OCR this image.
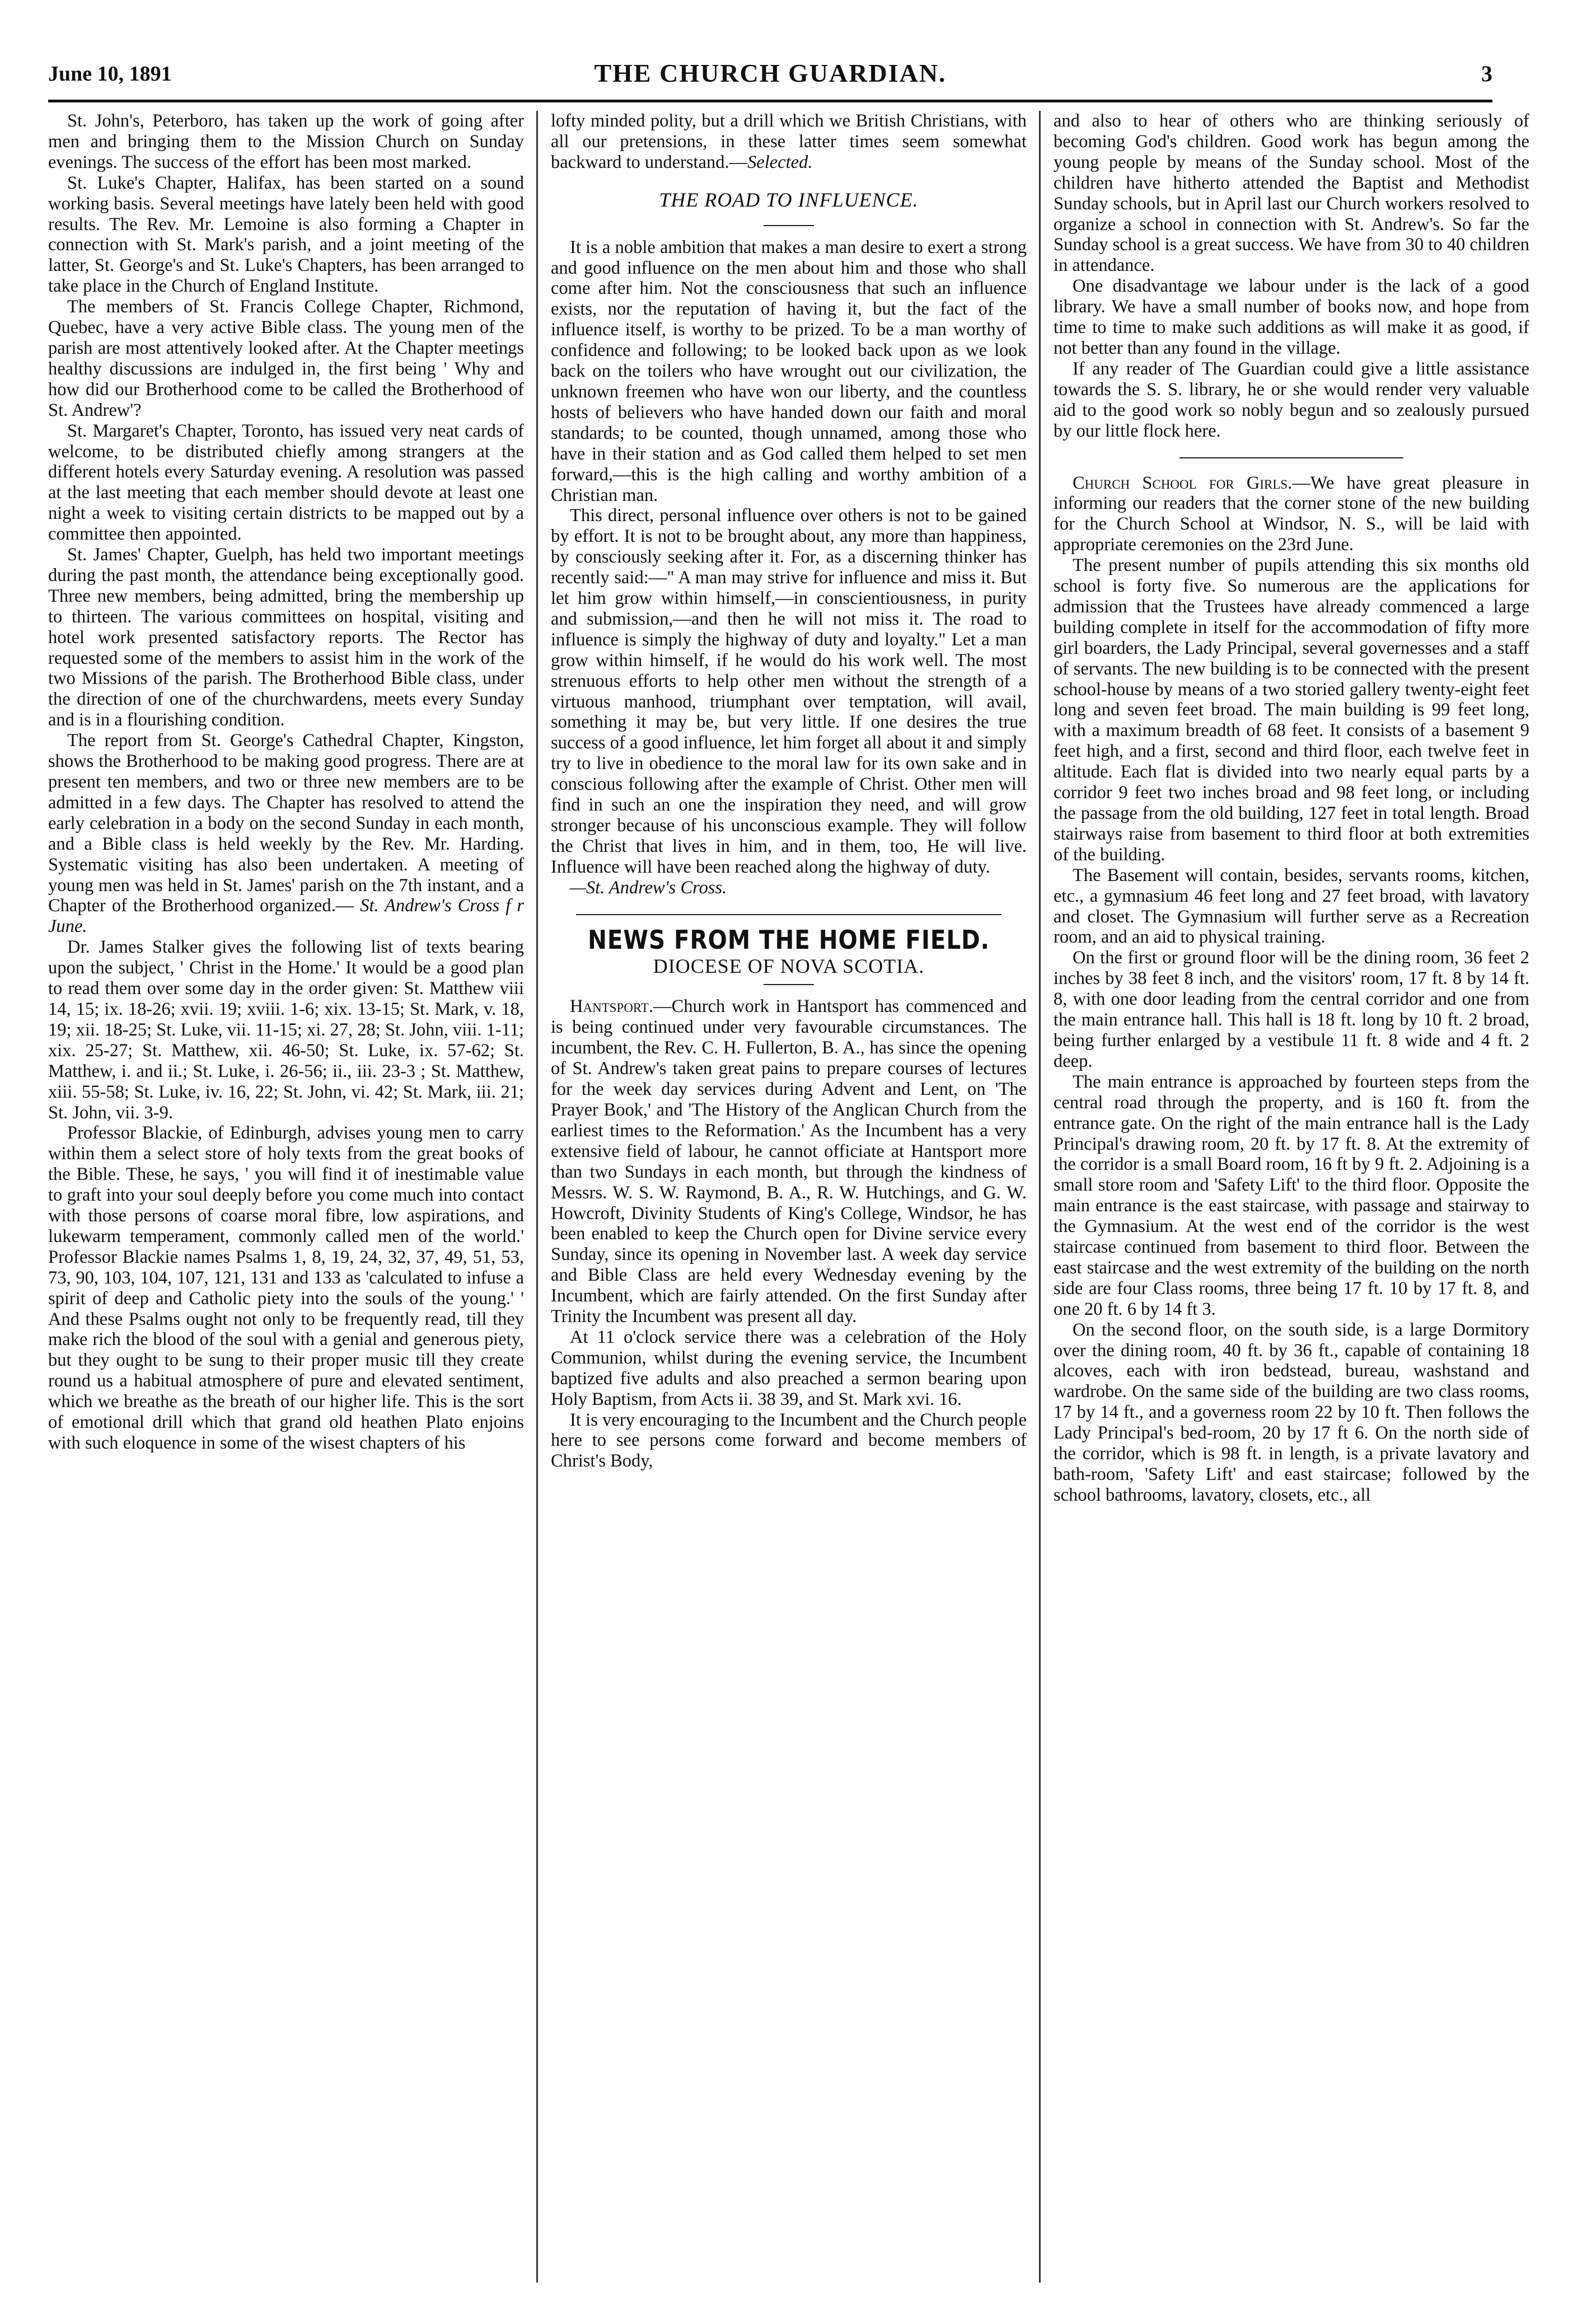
June 10, 1891	THE CHURCH GUARDIAN.	3

St. John's, Peterboro, has taken up the work of going after men and bringing them to the Mission Church on Sunday evenings. The success of the effort has been most marked.

St. Luke's Chapter, Halifax, has been started on a sound working basis. Several meetings have lately been held with good results. The Rev. Mr. Lemoine is also forming a Chapter in connection with St. Mark's parish, and a joint meeting of the latter, St. George's and St. Luke's Chapters, has been arranged to take place in the Church of England Institute.

The members of St. Francis College Chapter, Richmond, Quebec, have a very active Bible class. The young men of the parish are most attentively looked after. At the Chapter meetings healthy discussions are indulged in, the first being ' Why and how did our Brotherhood come to be called the Brotherhood of St. Andrew'?

St. Margaret's Chapter, Toronto, has issued very neat cards of welcome, to be distributed chiefly among strangers at the different hotels every Saturday evening. A resolution was passed at the last meeting that each member should devote at least one night a week to visiting certain districts to be mapped out by a committee then appointed.

St. James' Chapter, Guelph, has held two important meetings during the past month, the attendance being exceptionally good. Three new members, being admitted, bring the membership up to thirteen. The various committees on hospital, visiting and hotel work presented satisfactory reports. The Rector has requested some of the members to assist him in the work of the two Missions of the parish. The Brotherhood Bible class, under the direction of one of the churchwardens, meets every Sunday and is in a flourishing condition.

The report from St. George's Cathedral Chapter, Kingston, shows the Brotherhood to be making good progress. There are at present ten members, and two or three new members are to be admitted in a few days. The Chapter has resolved to attend the early celebration in a body on the second Sunday in each month, and a Bible class is held weekly by the Rev. Mr. Harding. Systematic visiting has also been undertaken. A meeting of young men was held in St. James' parish on the 7th instant, and a Chapter of the Brotherhood organized.— St. Andrew's Cross f r June.

Dr. James Stalker gives the following list of texts bearing upon the subject, ' Christ in the Home.' It would be a good plan to read them over some day in the order given: St. Matthew viii 14, 15; ix. 18-26; xvii. 19; xviii. 1-6; xix. 13-15; St. Mark, v. 18, 19; xii. 18-25; St. Luke, vii. 11-15; xi. 27, 28; St. John, viii. 1-11; xix. 25-27; St. Matthew, xii. 46-50; St. Luke, ix. 57-62; St. Matthew, i. and ii.; St. Luke, i. 26-56; ii., iii. 23-3 ; St. Matthew, xiii. 55-58; St. Luke, iv. 16, 22; St. John, vi. 42; St. Mark, iii. 21; St. John, vii. 3-9.

Professor Blackie, of Edinburgh, advises young men to carry within them a select store of holy texts from the great books of the Bible. These, he says, ' you will find it of inestimable value to graft into your soul deeply before you come much into contact with those persons of coarse moral fibre, low aspirations, and lukewarm temperament, commonly called men of the world.' Professor Blackie names Psalms 1, 8, 19, 24, 32, 37, 49, 51, 53, 73, 90, 103, 104, 107, 121, 131 and 133 as 'calculated to infuse a spirit of deep and Catholic piety into the souls of the young.' ' And these Psalms ought not only to be frequently read, till they make rich the blood of the soul with a genial and generous piety, but they ought to be sung to their proper music till they create round us a habitual atmosphere of pure and elevated sentiment, which we breathe as the breath of our higher life. This is the sort of emotional drill which that grand old heathen Plato enjoins with such eloquence in some of the wisest chapters of his

lofty minded polity, but a drill which we British Christians, with all our pretensions, in these latter times seem somewhat backward to understand.—Selected.

THE ROAD TO INFLUENCE.

It is a noble ambition that makes a man desire to exert a strong and good influence on the men about him and those who shall come after him. Not the consciousness that such an influence exists, nor the reputation of having it, but the fact of the influence itself, is worthy to be prized. To be a man worthy of confidence and following; to be looked back upon as we look back on the toilers who have wrought out our civilization, the unknown freemen who have won our liberty, and the countless hosts of believers who have handed down our faith and moral standards; to be counted, though unnamed, among those who have in their station and as God called them helped to set men forward,—this is the high calling and worthy ambition of a Christian man.

This direct, personal influence over others is not to be gained by effort. It is not to be brought about, any more than happiness, by consciously seeking after it. For, as a discerning thinker has recently said:—" A man may strive for influence and miss it. But let him grow within himself,—in conscientiousness, in purity and submission,—and then he will not miss it. The road to influence is simply the highway of duty and loyalty." Let a man grow within himself, if he would do his work well. The most strenuous efforts to help other men without the strength of a virtuous manhood, triumphant over temptation, will avail, something it may be, but very little. If one desires the true success of a good influence, let him forget all about it and simply try to live in obedience to the moral law for its own sake and in conscious following after the example of Christ. Other men will find in such an one the inspiration they need, and will grow stronger because of his unconscious example. They will follow the Christ that lives in him, and in them, too, He will live. Influence will have been reached along the highway of duty.

—St. Andrew's Cross.

NEWS FROM THE HOME FIELD.
DIOCESE OF NOVA SCOTIA.

Hantsport.—Church work in Hantsport has commenced and is being continued under very favourable circumstances. The incumbent, the Rev. C. H. Fullerton, B. A., has since the opening of St. Andrew's taken great pains to prepare courses of lectures for the week day services during Advent and Lent, on 'The Prayer Book,' and 'The History of the Anglican Church from the earliest times to the Reformation.' As the Incumbent has a very extensive field of labour, he cannot officiate at Hantsport more than two Sundays in each month, but through the kindness of Messrs. W. S. W. Raymond, B. A., R. W. Hutchings, and G. W. Howcroft, Divinity Students of King's College, Windsor, he has been enabled to keep the Church open for Divine service every Sunday, since its opening in November last. A week day service and Bible Class are held every Wednesday evening by the Incumbent, which are fairly attended. On the first Sunday after Trinity the Incumbent was present all day.

At 11 o'clock service there was a celebration of the Holy Communion, whilst during the evening service, the Incumbent baptized five adults and also preached a sermon bearing upon Holy Baptism, from Acts ii. 38 39, and St. Mark xvi. 16.

It is very encouraging to the Incumbent and the Church people here to see persons come forward and become members of Christ's Body,

and also to hear of others who are thinking seriously of becoming God's children. Good work has begun among the young people by means of the Sunday school. Most of the children have hitherto attended the Baptist and Methodist Sunday schools, but in April last our Church workers resolved to organize a school in connection with St. Andrew's. So far the Sunday school is a great success. We have from 30 to 40 children in attendance.

One disadvantage we labour under is the lack of a good library. We have a small number of books now, and hope from time to time to make such additions as will make it as good, if not better than any found in the village.

If any reader of The Guardian could give a little assistance towards the S. S. library, he or she would render very valuable aid to the good work so nobly begun and so zealously pursued by our little flock here.

Church School for Girls.—We have great pleasure in informing our readers that the corner stone of the new building for the Church School at Windsor, N. S., will be laid with appropriate ceremonies on the 23rd June.

The present number of pupils attending this six months old school is forty five. So numerous are the applications for admission that the Trustees have already commenced a large building complete in itself for the accommodation of fifty more girl boarders, the Lady Principal, several governesses and a staff of servants. The new building is to be connected with the present school-house by means of a two storied gallery twenty-eight feet long and seven feet broad. The main building is 99 feet long, with a maximum breadth of 68 feet. It consists of a basement 9 feet high, and a first, second and third floor, each twelve feet in altitude. Each flat is divided into two nearly equal parts by a corridor 9 feet two inches broad and 98 feet long, or including the passage from the old building, 127 feet in total length. Broad stairways raise from basement to third floor at both extremities of the building.

The Basement will contain, besides, servants rooms, kitchen, etc., a gymnasium 46 feet long and 27 feet broad, with lavatory and closet. The Gymnasium will further serve as a Recreation room, and an aid to physical training.

On the first or ground floor will be the dining room, 36 feet 2 inches by 38 feet 8 inch, and the visitors' room, 17 ft. 8 by 14 ft. 8, with one door leading from the central corridor and one from the main entrance hall. This hall is 18 ft. long by 10 ft. 2 broad, being further enlarged by a vestibule 11 ft. 8 wide and 4 ft. 2 deep.

The main entrance is approached by fourteen steps from the central road through the property, and is 160 ft. from the entrance gate. On the right of the main entrance hall is the Lady Principal's drawing room, 20 ft. by 17 ft. 8. At the extremity of the corridor is a small Board room, 16 ft by 9 ft. 2. Adjoining is a small store room and 'Safety Lift' to the third floor. Opposite the main entrance is the east staircase, with passage and stairway to the Gymnasium. At the west end of the corridor is the west staircase continued from basement to third floor. Between the east staircase and the west extremity of the building on the north side are four Class rooms, three being 17 ft. 10 by 17 ft. 8, and one 20 ft. 6 by 14 ft 3.

On the second floor, on the south side, is a large Dormitory over the dining room, 40 ft. by 36 ft., capable of containing 18 alcoves, each with iron bedstead, bureau, washstand and wardrobe. On the same side of the building are two class rooms, 17 by 14 ft., and a governess room 22 by 10 ft. Then follows the Lady Principal's bed-room, 20 by 17 ft 6. On the north side of the corridor, which is 98 ft. in length, is a private lavatory and bath-room, 'Safety Lift' and east staircase; followed by the school bathrooms, lavatory, closets, etc., all
